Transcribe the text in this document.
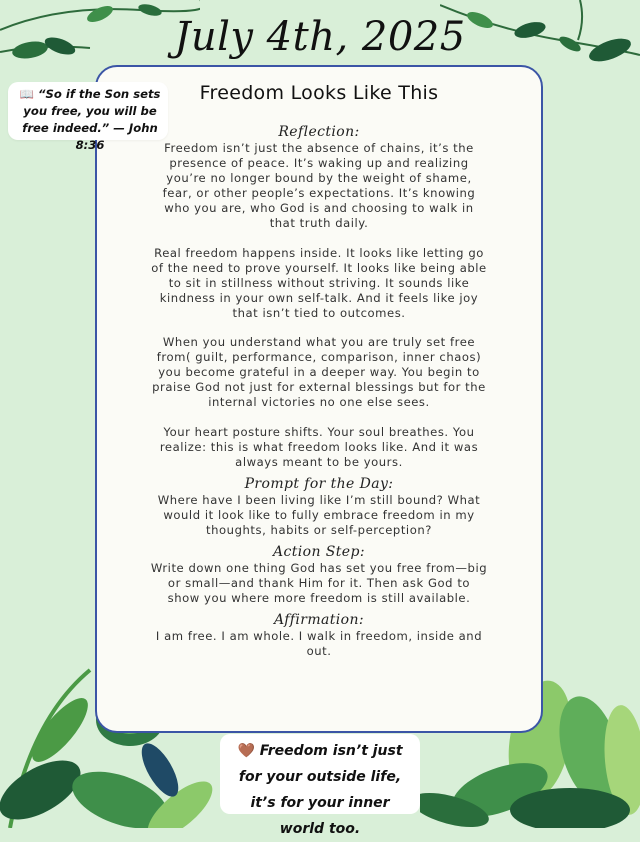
July 4th, 2025
Freedom Looks Like This
📖 “So if the Son sets you free, you will be free indeed.” — John 8:36
Reflection:

Freedom isn’t just the absence of chains, it’s the presence of peace. It’s waking up and realizing you’re no longer bound by the weight of shame, fear, or other people’s expectations. It’s knowing who you are, who God is and choosing to walk in that truth daily.

Real freedom happens inside. It looks like letting go of the need to prove yourself. It looks like being able to sit in stillness without striving. It sounds like kindness in your own self-talk. And it feels like joy that isn’t tied to outcomes.

When you understand what you are truly set free from( guilt, performance, comparison, inner chaos) you become grateful in a deeper way. You begin to praise God not just for external blessings but for the internal victories no one else sees.

Your heart posture shifts. Your soul breathes. You realize: this is what freedom looks like. And it was always meant to be yours.

Prompt for the Day:

Where have I been living like I’m still bound? What would it look like to fully embrace freedom in my thoughts, habits or self-perception?

Action Step:

Write down one thing God has set you free from—big or small—and thank Him for it. Then ask God to show you where more freedom is still available.

Affirmation:

I am free. I am whole. I walk in freedom, inside and out.

🤎 Freedom isn’t just for your outside life, it’s for your inner world too.
